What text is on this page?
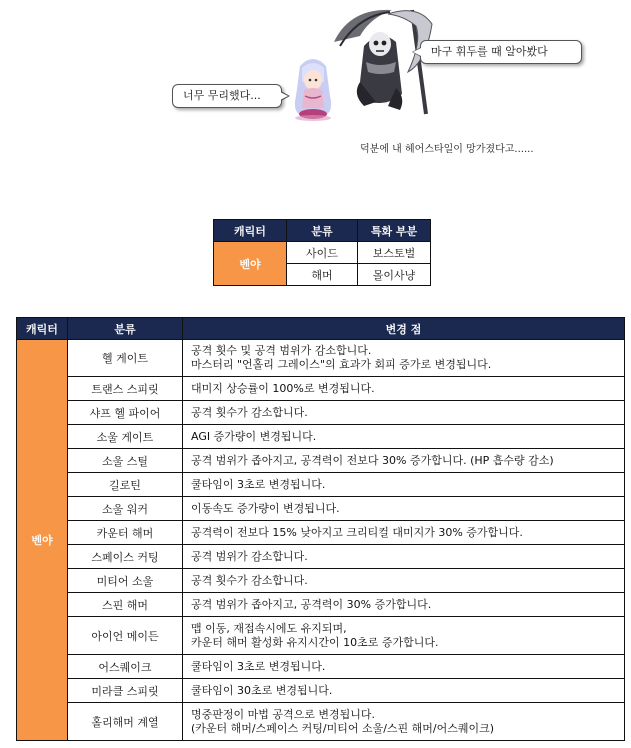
너무 무리했다...
마구 휘두를 때 알아봤다
덕분에 내 헤어스타일이 망가졌다고......
캐릭터	분류	특화 부분
벤야	사이드	보스토벌
	해머	몰이사냥
캐릭터	분류	변경 점
벤야	헬 게이트	공격 횟수 및 공격 범위가 감소합니다.
마스터리 "언홀리 그레이스"의 효과가 회피 증가로 변경됩니다.

	트랜스 스피릿	대미지 상승률이 100%로 변경됩니다.

	샤프 헬 파이어	공격 횟수가 감소합니다.

	소울 게이트	AGI 증가량이 변경됩니다.

	소울 스틸	공격 범위가 좁아지고, 공격력이 전보다 30% 증가합니다. (HP 흡수량 감소)

	길로틴	쿨타임이 3초로 변경됩니다.

	소울 워커	이동속도 증가량이 변경됩니다.

	카운터 해머	공격력이 전보다 15% 낮아지고 크리티컬 대미지가 30% 증가합니다.

	스페이스 커팅	공격 범위가 감소합니다.

	미티어 소울	공격 횟수가 감소합니다.

	스핀 해머	공격 범위가 좁아지고, 공격력이 30% 증가합니다.

	아이언 메이든	맵 이동, 재접속시에도 유지되며,
카운터 해머 활성화 유지시간이 10초로 증가합니다.

	어스퀘이크	쿨타임이 3초로 변경됩니다.

	미라클 스피릿	쿨타임이 30초로 변경됩니다.

	홀리해머 계열	명중판정이 마법 공격으로 변경됩니다.
(카운터 해머/스페이스 커팅/미티어 소울/스핀 해머/어스퀘이크)
